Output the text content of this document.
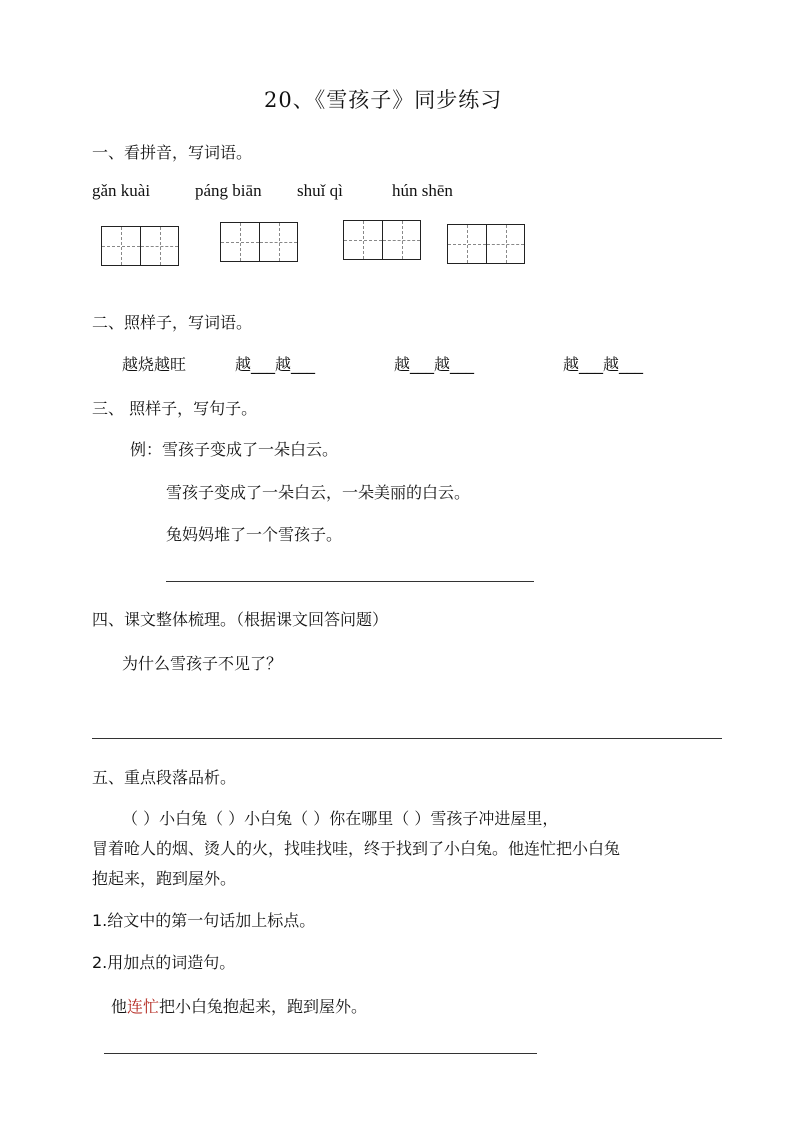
20、《雪孩子》同步练习
一、看拼音，写词语。
gǎn kuài	páng biān shuǐ qì	hún shēn
二、照样子，写词语。
越烧越旺	越___越___	越___越___	越___越___
三、 照样子，写句子。
例：雪孩子变成了一朵白云。
雪孩子变成了一朵白云，一朵美丽的白云。
兔妈妈堆了一个雪孩子。
四、课文整体梳理。（根据课文回答问题）
为什么雪孩子不见了？
五、重点段落品析。
（ ）小白兔（ ）小白兔（ ）你在哪里（ ）雪孩子冲进屋里，
冒着呛人的烟、烫人的火，找哇找哇，终于找到了小白兔。他连忙把小白兔
抱起来，跑到屋外。
1.给文中的第一句话加上标点。
2.用加点的词造句。
他连忙把小白兔抱起来，跑到屋外。
